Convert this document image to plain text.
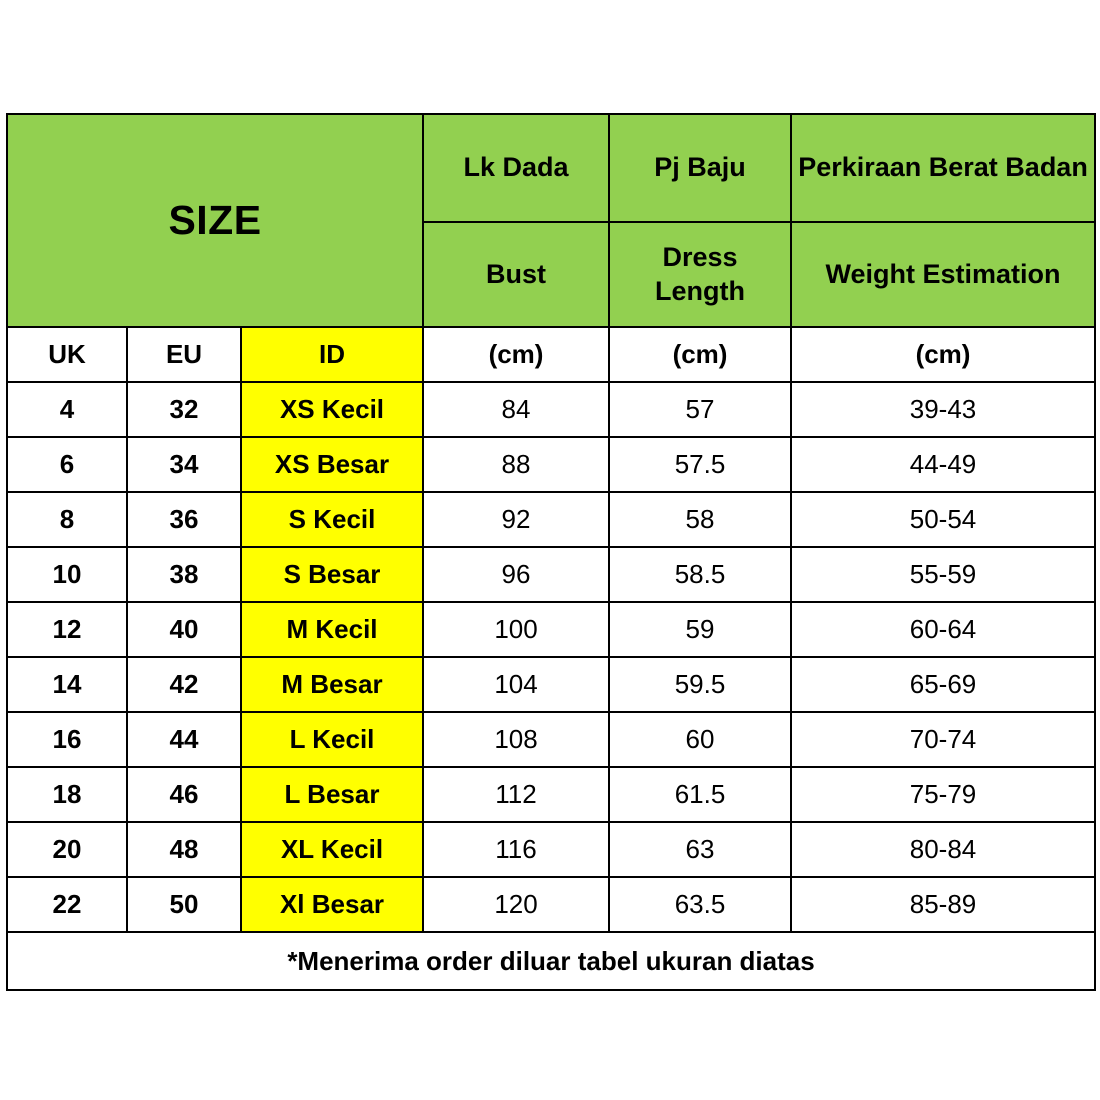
SIZE			Lk Dada	Pj Baju	Perkiraan Berat Badan
			Bust	Dress Length	Weight Estimation
UK	EU	ID	(cm)	(cm)	(cm)
4	32	XS Kecil	84	57	39-43
6	34	XS Besar	88	57.5	44-49
8	36	S Kecil	92	58	50-54
10	38	S Besar	96	58.5	55-59
12	40	M Kecil	100	59	60-64
14	42	M Besar	104	59.5	65-69
16	44	L Kecil	108	60	70-74
18	46	L Besar	112	61.5	75-79
20	48	XL Kecil	116	63	80-84
22	50	Xl Besar	120	63.5	85-89
*Menerima order diluar tabel ukuran diatas					
